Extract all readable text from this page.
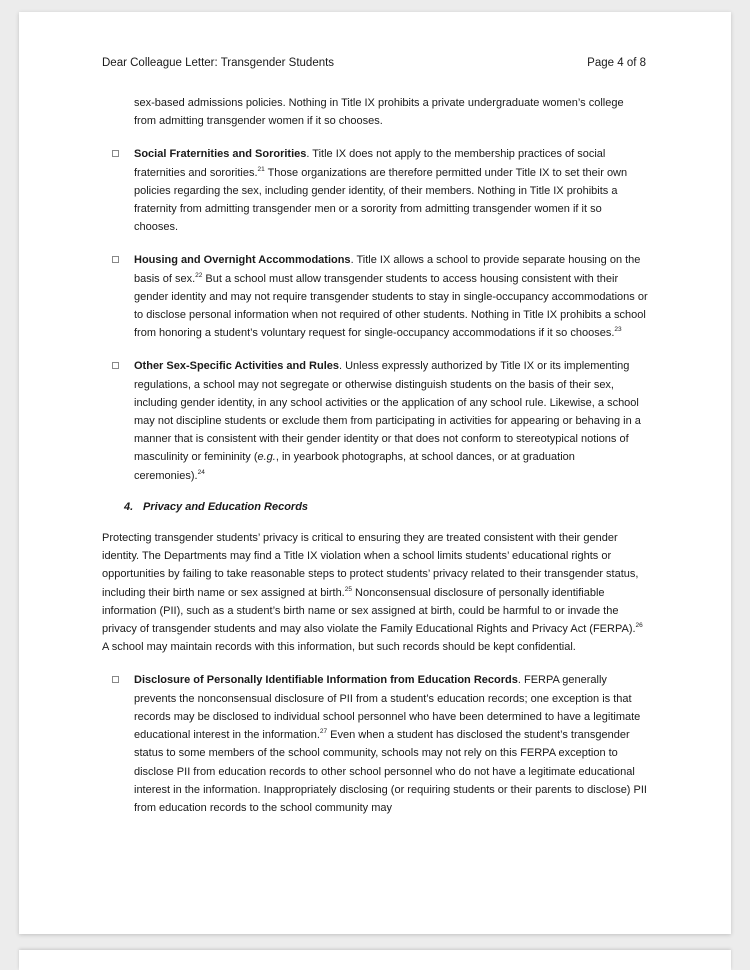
Dear Colleague Letter: Transgender Students	Page 4 of 8

sex-based admissions policies. Nothing in Title IX prohibits a private undergraduate women’s college from admitting transgender women if it so chooses.

Social Fraternities and Sororities. Title IX does not apply to the membership practices of social fraternities and sororities.$^{21}$ Those organizations are therefore permitted under Title IX to set their own policies regarding the sex, including gender identity, of their members. Nothing in Title IX prohibits a fraternity from admitting transgender men or a sorority from admitting transgender women if it so chooses.
Housing and Overnight Accommodations. Title IX allows a school to provide separate housing on the basis of sex.$^{22}$ But a school must allow transgender students to access housing consistent with their gender identity and may not require transgender students to stay in single-occupancy accommodations or to disclose personal information when not required of other students. Nothing in Title IX prohibits a school from honoring a student’s voluntary request for single-occupancy accommodations if it so chooses.$^{23}$
Other Sex-Specific Activities and Rules. Unless expressly authorized by Title IX or its implementing regulations, a school may not segregate or otherwise distinguish students on the basis of their sex, including gender identity, in any school activities or the application of any school rule. Likewise, a school may not discipline students or exclude them from participating in activities for appearing or behaving in a manner that is consistent with their gender identity or that does not conform to stereotypical notions of masculinity or femininity (e.g., in yearbook photographs, at school dances, or at graduation ceremonies).$^{24}$

4. Privacy and Education Records

Protecting transgender students’ privacy is critical to ensuring they are treated consistent with their gender identity. The Departments may find a Title IX violation when a school limits students’ educational rights or opportunities by failing to take reasonable steps to protect students’ privacy related to their transgender status, including their birth name or sex assigned at birth.$^{25}$ Nonconsensual disclosure of personally identifiable information (PII), such as a student’s birth name or sex assigned at birth, could be harmful to or invade the privacy of transgender students and may also violate the Family Educational Rights and Privacy Act (FERPA).$^{26}$ A school may maintain records with this information, but such records should be kept confidential.

Disclosure of Personally Identifiable Information from Education Records. FERPA generally prevents the nonconsensual disclosure of PII from a student’s education records; one exception is that records may be disclosed to individual school personnel who have been determined to have a legitimate educational interest in the information.$^{27}$ Even when a student has disclosed the student’s transgender status to some members of the school community, schools may not rely on this FERPA exception to disclose PII from education records to other school personnel who do not have a legitimate educational interest in the information. Inappropriately disclosing (or requiring students or their parents to disclose) PII from education records to the school community may
